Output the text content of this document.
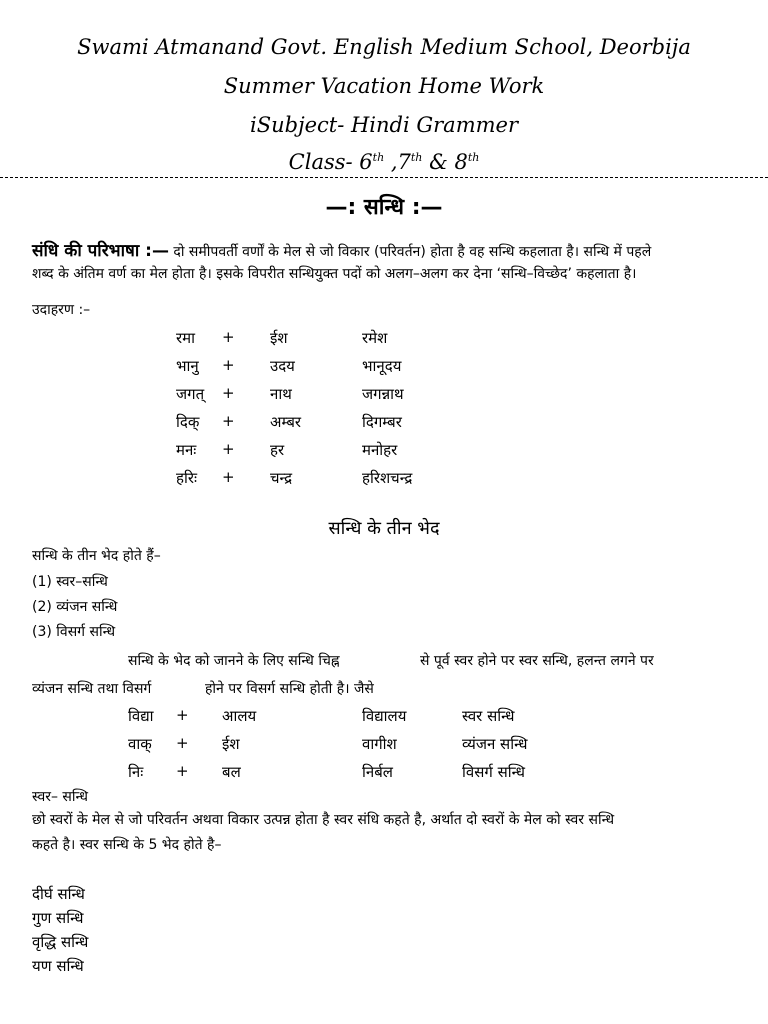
Swami Atmanand Govt. English Medium School, Deorbija
Summer Vacation Home Work
iSubject- Hindi Grammer
Class- 6th ,7th & 8th
—: सन्धि :—
संधि की परिभाषा :— दो समीपवर्ती वर्णों के मेल से जो विकार (परिवर्तन) होता है वह सन्धि कहलाता है। सन्धि में पहले
शब्द के अंतिम वर्ण का मेल होता है। इसके विपरीत सन्धियुक्त पदों को अलग–अलग कर देना ‘सन्धि–विच्छेद’ कहलाता है।
उदाहरण :–
रमा + ईश	रमेश
भानु + उदय	भानूदय
जगत् + नाथ	जगन्नाथ
दिक् + अम्बर	दिगम्बर
मनः + हर	मनोहर
हरिः + चन्द्र	हरिशचन्द्र
सन्धि के तीन भेद
सन्धि के तीन भेद होते हैं–
(1) स्वर–सन्धि
(2) व्यंजन सन्धि
(3) विसर्ग सन्धि
सन्धि के भेद को जानने के लिए सन्धि चिह्न	से पूर्व स्वर होने पर स्वर सन्धि, हलन्त लगने पर
व्यंजन सन्धि तथा विसर्ग	होने पर विसर्ग सन्धि होती है। जैसे
विद्या + आलय	विद्यालय	स्वर सन्धि
वाक् + ईश	वागीश	व्यंजन सन्धि
निः + बल	निर्बल	विसर्ग सन्धि
स्वर– सन्धि
छो स्वरों के मेल से जो परिवर्तन अथवा विकार उत्पन्न होता है स्वर संधि कहते है, अर्थात दो स्वरों के मेल को स्वर सन्धि
कहते है। स्वर सन्धि के 5 भेद होते है–
दीर्घ सन्धि
गुण सन्धि
वृद्धि सन्धि
यण सन्धि
